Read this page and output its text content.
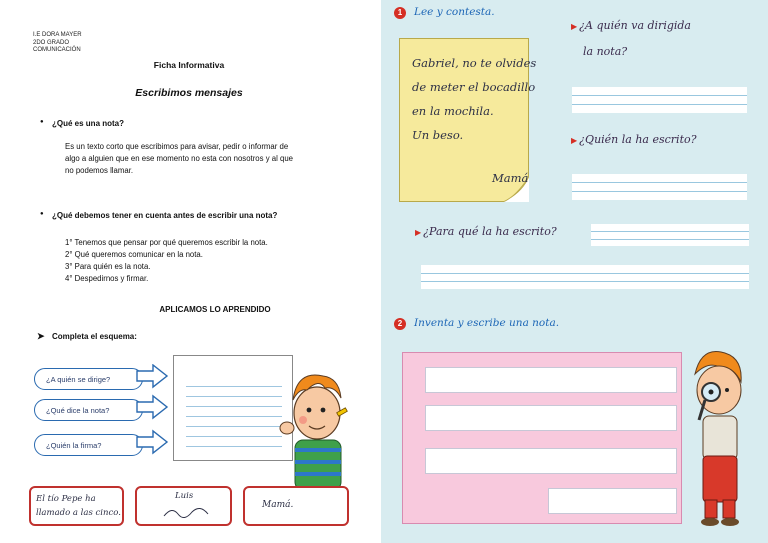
I.E DORA MAYER
2DO GRADO
COMUNICACIÓN
Ficha Informativa
Escribimos mensajes
● ¿Qué es una nota?
Es un texto corto que escribimos para avisar, pedir o informar de
algo a alguien que en ese momento no esta con nosotros y al que
no podemos llamar.
● ¿Qué debemos tener en cuenta antes de escribir una nota?
1° Tenemos que pensar por qué queremos escribir la nota.
2° Qué queremos comunicar en la nota.
3° Para quién es la nota.
4° Despedirnos y firmar.
APLICAMOS LO APRENDIDO
➤ Completa el esquema:
¿A quién se dirige?
¿Qué dice la nota?
¿Quién la firma?
El tío Pepe ha
llamado a las cinco.
Luis
Mamá.
1	Lee y contesta.
Gabriel, no te olvides
de meter el bocadillo
en la mochila.
Un beso.
Mamá
▶ ¿A quién va dirigida
la nota?
▶ ¿Quién la ha escrito?
▶ ¿Para qué la ha escrito?
2	Inventa y escribe una nota.
